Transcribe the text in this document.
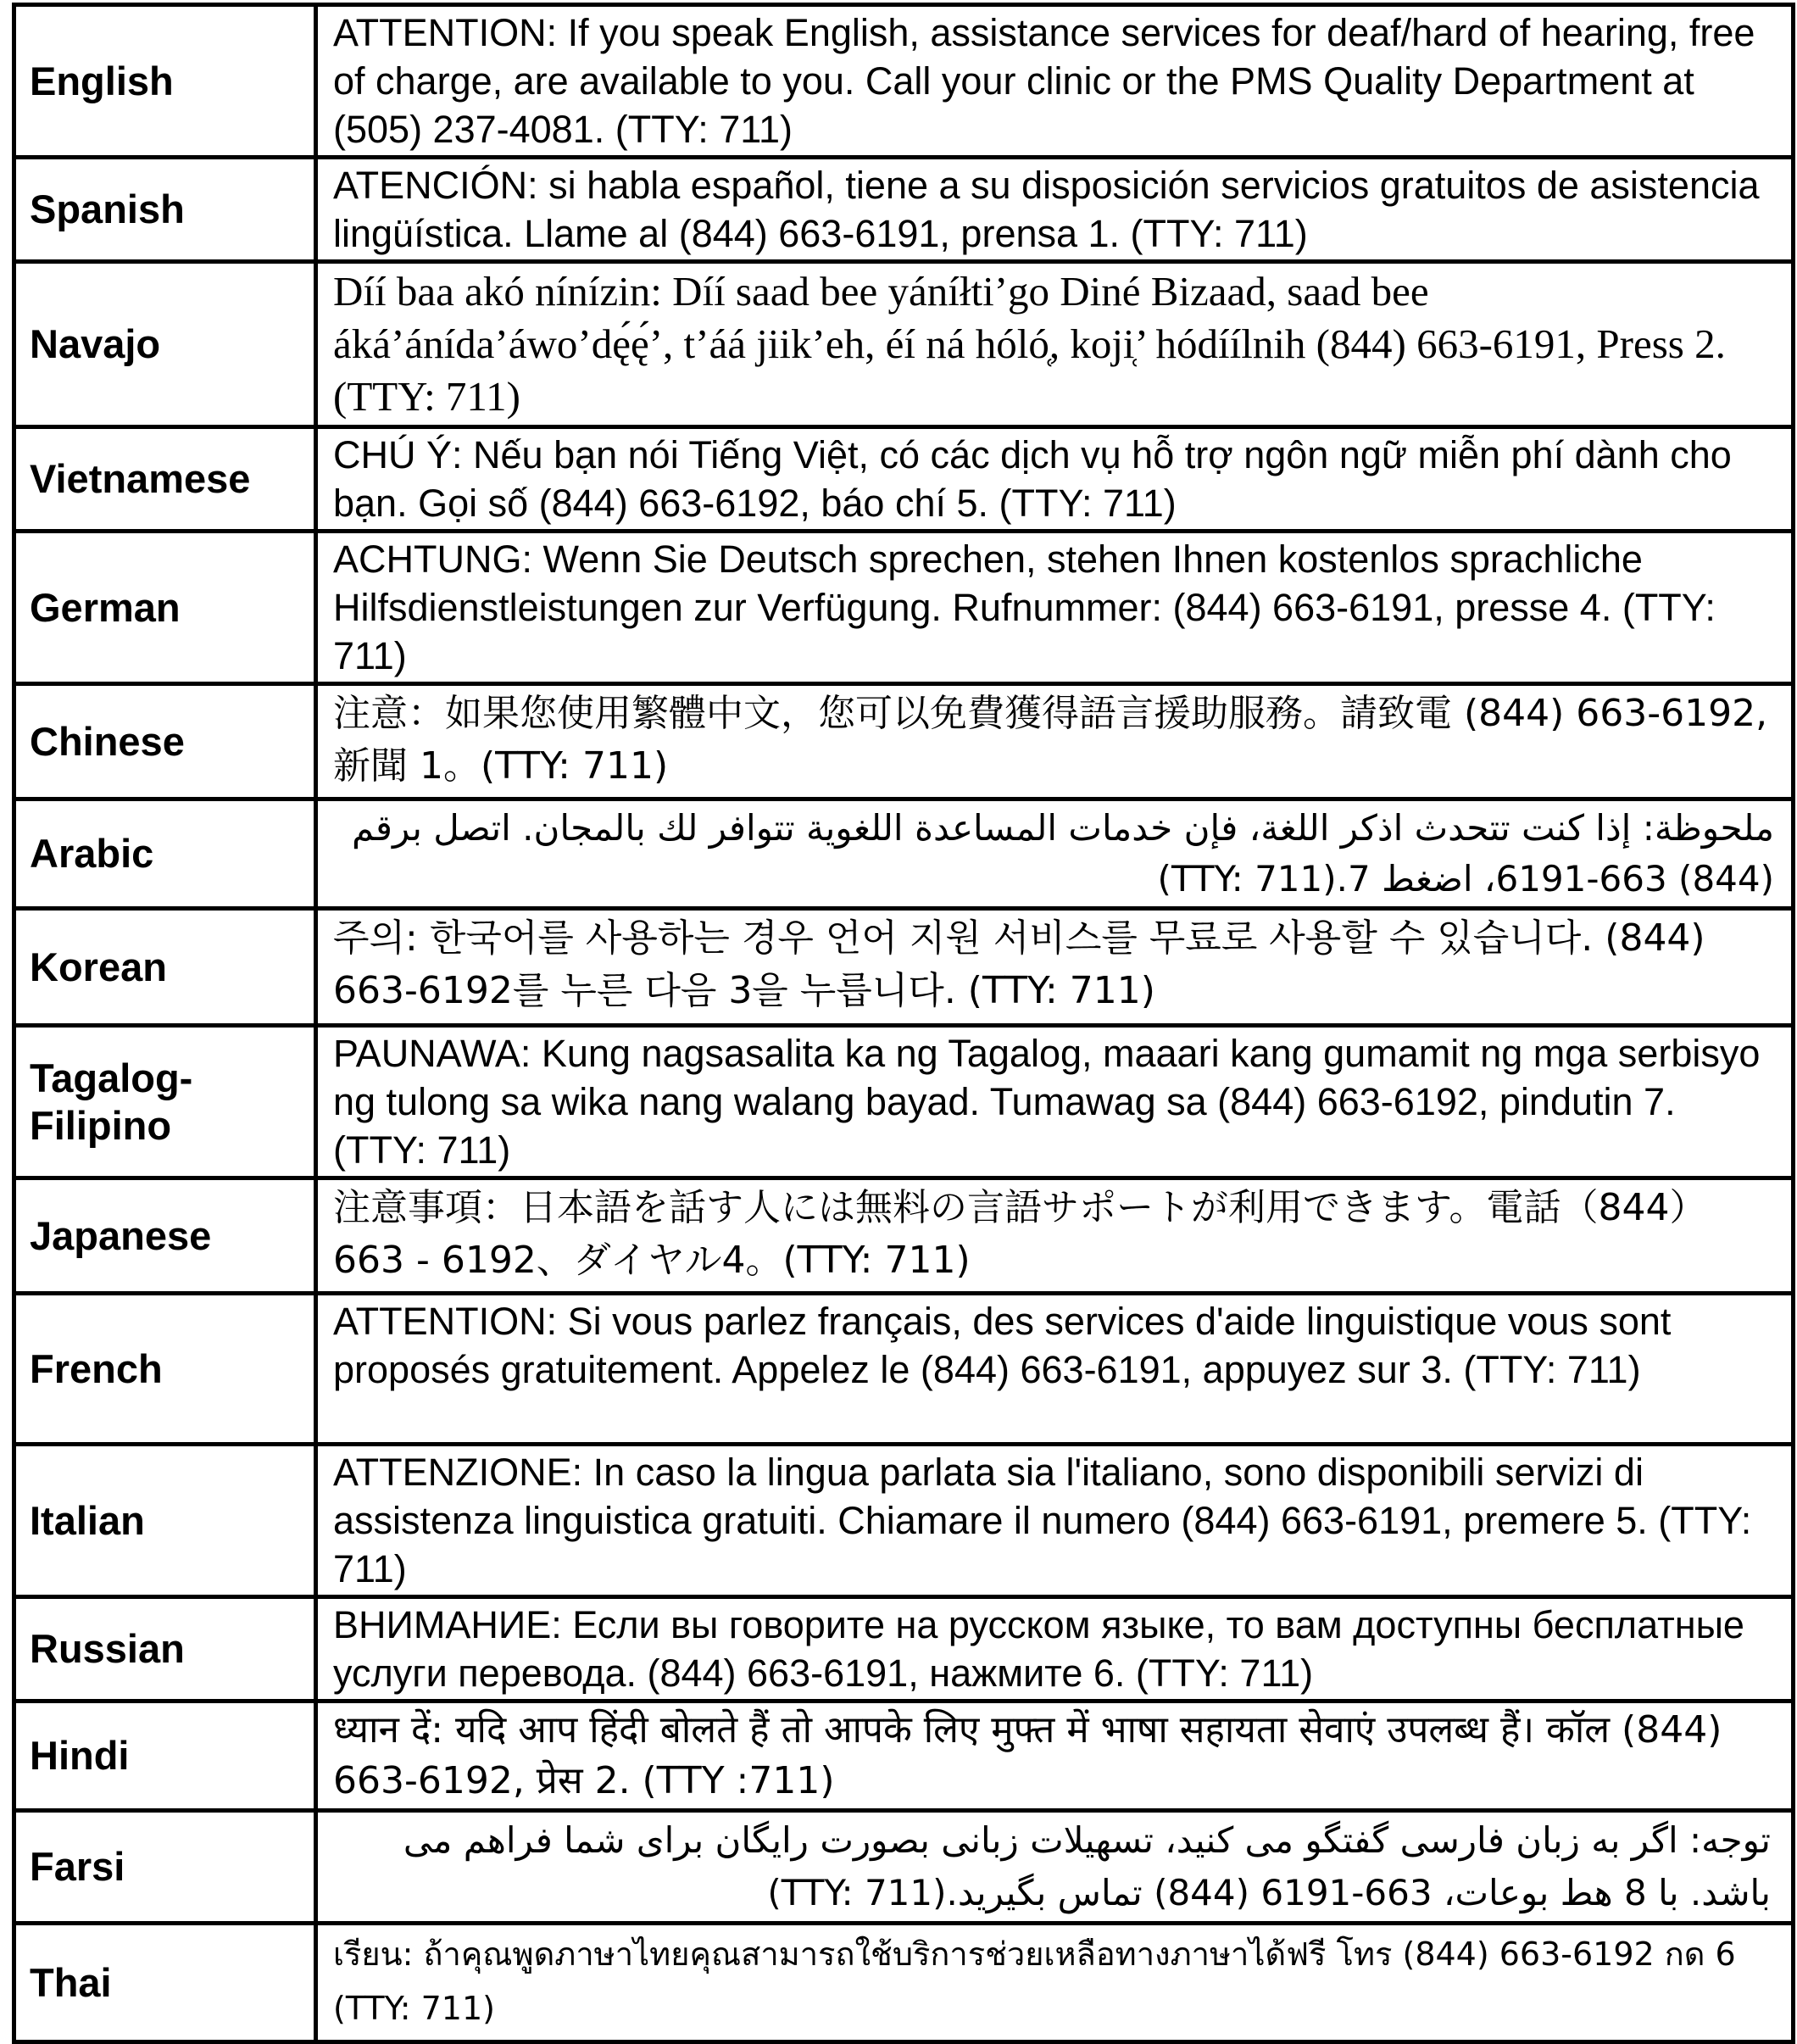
English	ATTENTION: If you speak English, assistance services for deaf/hard of hearing, free of charge, are available to you. Call your clinic or the PMS Quality Department at (505) 237-4081. (TTY: 711)
Spanish	ATENCIÓN: si habla español, tiene a su disposición servicios gratuitos de asistencia lingüística. Llame al (844) 663-6191, prensa 1. (TTY: 711)
Navajo	Díí baa akó nínízin: Díí saad bee yáníłti’go Diné Bizaad, saad bee áká’ánída’áwo’dę́ę́’, t’áá jiik’eh, éí ná hóló̜, koji̜’ hódíílnih (844) 663-6191, Press 2. (TTY: 711)
Vietnamese	CHÚ Ý: Nếu bạn nói Tiếng Việt, có các dịch vụ hỗ trợ ngôn ngữ miễn phí dành cho bạn. Gọi số (844) 663-6192, báo chí 5. (TTY: 711)
German	ACHTUNG: Wenn Sie Deutsch sprechen, stehen Ihnen kostenlos sprachliche Hilfsdienstleistungen zur Verfügung. Rufnummer: (844) 663-6191, presse 4. (TTY: 711)
Chinese	注意：如果您使用繁體中文，您可以免費獲得語言援助服務。請致電 (844) 663-6192, 新聞 1。(TTY: 711)
Arabic	ملحوظة: إذا كنت تتحدث اذكر اللغة، فإن خدمات المساعدة اللغوية تتوافر لك بالمجان. اتصل برقم (844) 663-6191، اضغط 7.(TTY: 711)
Korean	주의: 한국어를 사용하는 경우 언어 지원 서비스를 무료로 사용할 수 있습니다. (844) 663-6192를 누른 다음 3을 누릅니다. (TTY: 711)
Tagalog-Filipino	PAUNAWA: Kung nagsasalita ka ng Tagalog, maaari kang gumamit ng mga serbisyo ng tulong sa wika nang walang bayad. Tumawag sa (844) 663-6192, pindutin 7. (TTY: 711)
Japanese	注意事項：日本語を話す人には無料の言語サポートが利用できます。電話（844）663 - 6192、ダイヤル4。(TTY: 711)
French	ATTENTION: Si vous parlez français, des services d'aide linguistique vous sont proposés gratuitement. Appelez le (844) 663-6191, appuyez sur 3. (TTY: 711)
Italian	ATTENZIONE: In caso la lingua parlata sia l'italiano, sono disponibili servizi di assistenza linguistica gratuiti. Chiamare il numero (844) 663-6191, premere 5. (TTY: 711)
Russian	ВНИМАНИЕ: Если вы говорите на русском языке, то вам доступны бесплатные услуги перевода. (844) 663-6191, нажмите 6. (TTY: 711)
Hindi	ध्यान दें: यदि आप हिंदी बोलते हैं तो आपके लिए मुफ्त में भाषा सहायता सेवाएं उपलब्ध हैं। कॉल (844) 663-6192, प्रेस 2. (TTY :711)
Farsi	توجه: اگر به زبان فارسی گفتگو می کنید، تسهیلات زبانی بصورت رایگان برای شما فراهم می باشد. با 8 هط بوعات، 663-6191 (844) تماس بگیرید.(TTY: 711)
Thai	เรียน: ถ้าคุณพูดภาษาไทยคุณสามารถใช้บริการช่วยเหลือทางภาษาได้ฟรี โทร (844) 663-6192 กด 6 (TTY: 711)
